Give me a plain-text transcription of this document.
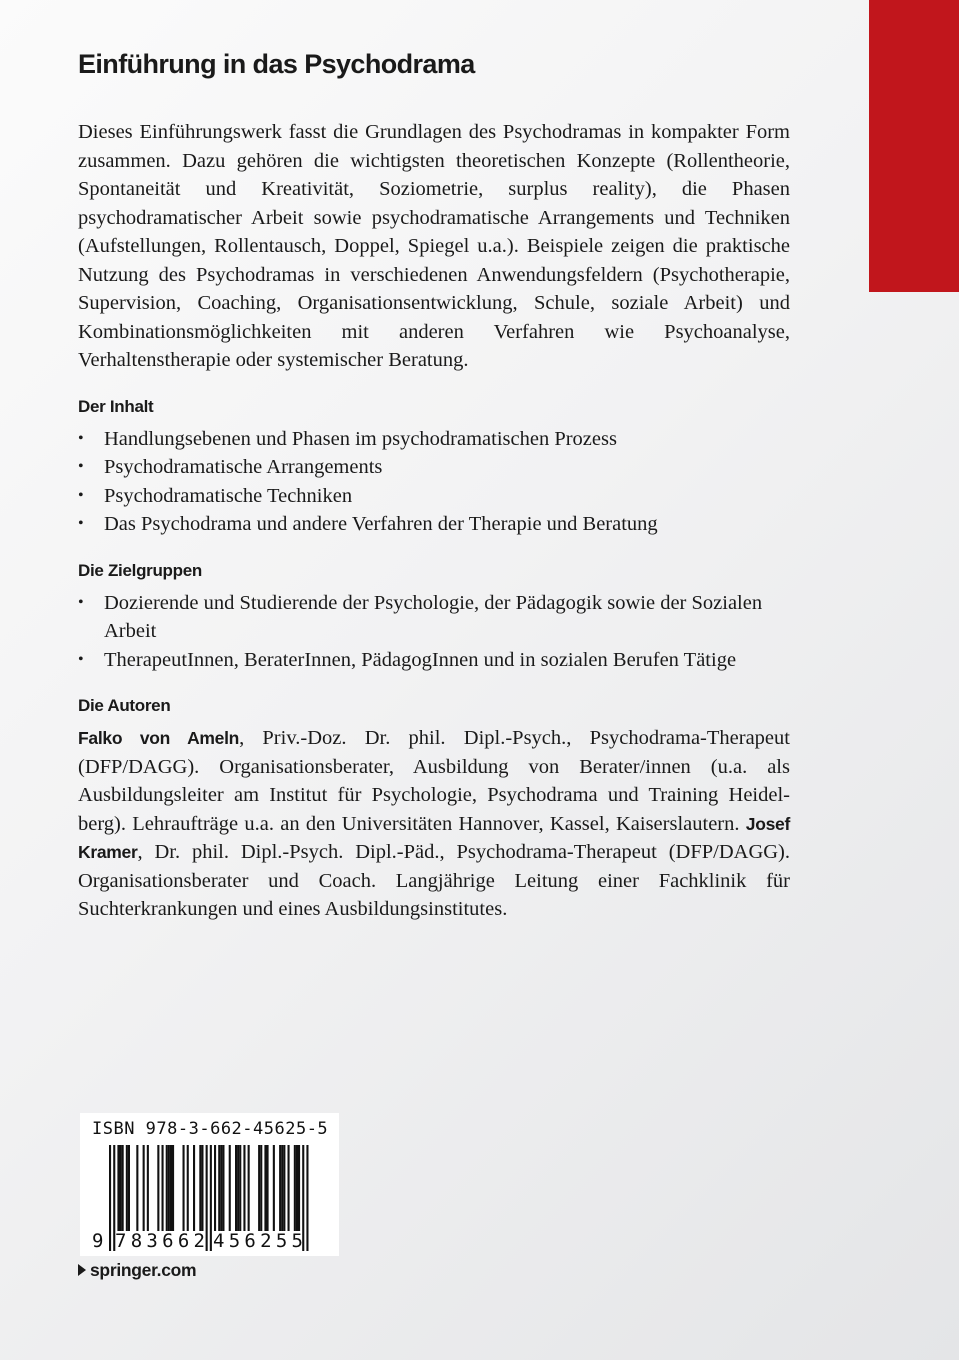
Einführung in das Psychodrama

Dieses Einführungswerk fasst die Grundlagen des Psychodramas in kompakter Form zusammen. Dazu gehören die wichtigsten theoretischen Konzepte (Rollentheorie, Spontaneität und Kreativität, Soziometrie, surplus reality), die Phasen psychodramatischer Arbeit sowie psychodramatische Arrangements und Techniken (Aufstellungen, Rollentausch, Doppel, Spiegel u.a.). Beispiele zeigen die praktische Nutzung des Psychodramas in verschiedenen Anwendungsfeldern (Psychotherapie, Supervision, Coaching, Organisationsentwicklung, Schule, soziale Arbeit) und Kombinationsmöglichkeiten mit anderen Verfahren wie Psychoanalyse, Verhaltenstherapie oder systemischer Beratung.

Der Inhalt
• Handlungsebenen und Phasen im psychodramatischen Prozess
• Psychodramatische Arrangements
• Psychodramatische Techniken
• Das Psychodrama und andere Verfahren der Therapie und Beratung
Die Zielgruppen
• Dozierende und Studierende der Psychologie, der Pädagogik sowie der Sozialen Arbeit
• TherapeutInnen, BeraterInnen, PädagogInnen und in sozialen Berufen Tätige
Die Autoren

Falko von Ameln, Priv.-Doz. Dr. phil. Dipl.-Psych., Psychodrama-Therapeut (DFP/DAGG). Organisationsberater, Ausbildung von Berater/innen (u.a. als Ausbildungsleiter am Institut für Psychologie, Psychodrama und Training Heidelberg). Lehraufträge u.a. an den Universitäten Hannover, Kassel, Kaiserslautern. Josef Kramer, Dr. phil. Dipl.-Psych. Dipl.-Päd., Psychodrama-Therapeut (DFP/​DAGG). Organisationsberater und Coach. Langjährige Leitung einer Fachklinik für Suchterkrankungen und eines Ausbildungsinstitutes.

ISBN 978-3-662-45625-5
9 783662 456255
springer.com
